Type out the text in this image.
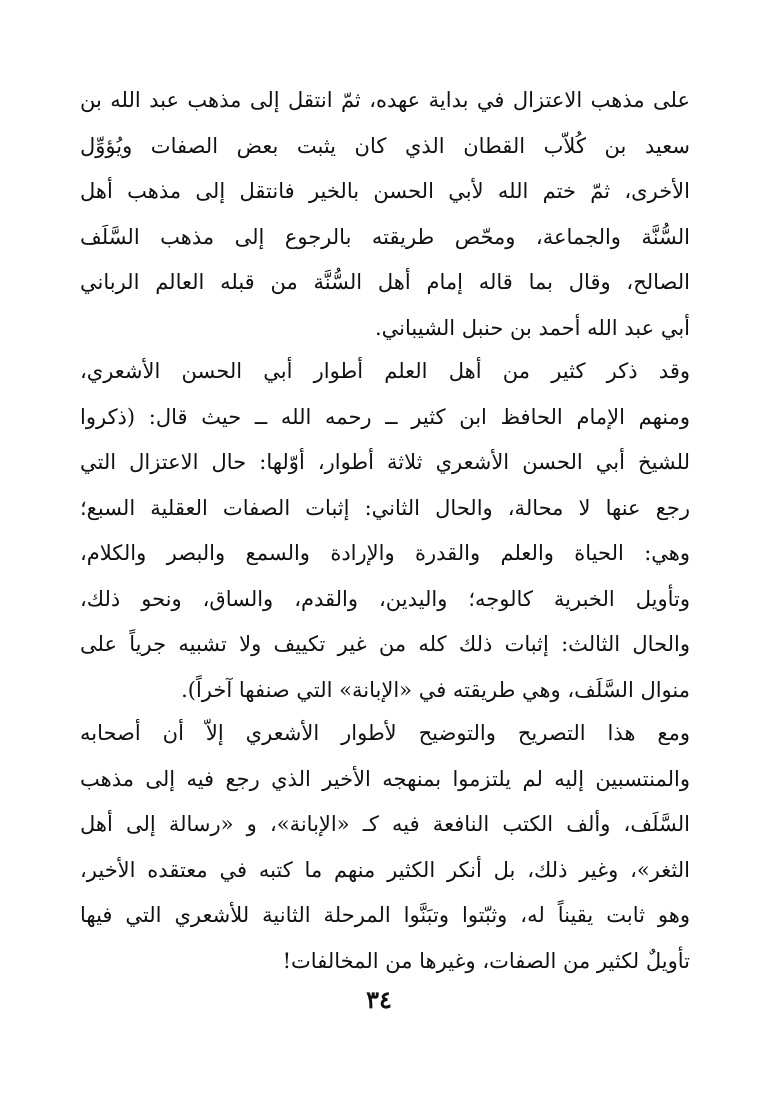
على مذهب الاعتزال في بداية عهده، ثمّ انتقل إلى مذهب عبد الله بن
سعيد بن كُلاّب القطان الذي كان يثبت بعض الصفات ويُؤوِّل
الأخرى، ثمّ ختم الله لأبي الحسن بالخير فانتقل إلى مذهب أهل
السُّنَّة والجماعة، ومحّص طريقته بالرجوع إلى مذهب السَّلَف
الصالح، وقال بما قاله إمام أهل السُّنَّة من قبله العالم الرباني
أبي عبد الله أحمد بن حنبل الشيباني.
وقد ذكر كثير من أهل العلم أطوار أبي الحسن الأشعري،
ومنهم الإمام الحافظ ابن كثير ــ رحمه الله ــ حيث قال: (ذكروا
للشيخ أبي الحسن الأشعري ثلاثة أطوار، أوّلها: حال الاعتزال التي
رجع عنها لا محالة، والحال الثاني: إثبات الصفات العقلية السبع؛
وهي: الحياة والعلم والقدرة والإرادة والسمع والبصر والكلام،
وتأويل الخبرية كالوجه؛ واليدين، والقدم، والساق، ونحو ذلك،
والحال الثالث: إثبات ذلك كله من غير تكييف ولا تشبيه جرياً على
منوال السَّلَف، وهي طريقته في «الإبانة» التي صنفها آخراً).
ومع هذا التصريح والتوضيح لأطوار الأشعري إلاّ أن أصحابه
والمنتسبين إليه لم يلتزموا بمنهجه الأخير الذي رجع فيه إلى مذهب
السَّلَف، وألف الكتب النافعة فيه كـ «الإبانة»، و «رسالة إلى أهل
الثغر»، وغير ذلك، بل أنكر الكثير منهم ما كتبه في معتقده الأخير،
وهو ثابت يقيناً له، وثبّتوا وتبَنَّوا المرحلة الثانية للأشعري التي فيها
تأويلٌ لكثير من الصفات، وغيرها من المخالفات!
٣٤
